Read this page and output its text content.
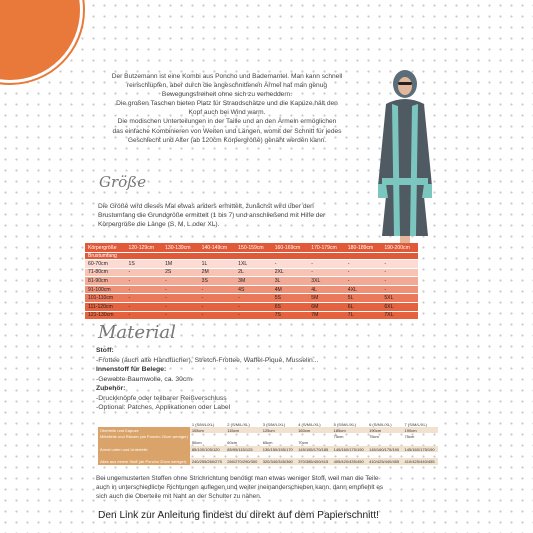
Der Butzemann ist eine Kombi aus Poncho und Bademantel. Man kann schnell

reinschlüpfen, aber durch die angeschnittenen Ärmel hat man genug

Bewegungsfreiheit ohne sich zu verheddern.

Die großen Taschen bieten Platz für Strandschätze und die Kapüze hält den

Kopf auch bei Wind warm.

Die modischen Unterteilungen in der Taille und an den Ärmeln ermöglichen

das einfache Kombinieren von Weiten und Längen, womit der Schnitt für jedes

Geschlecht und Alter (ab 120cm Körpergröße) genäht werden kann.

Größe
Die Größe wird dieses Mal etwas anders ermittelt, zunächst wird über den
Brustumfang die Grundgröße ermittelt (1 bis 7) und anschließend mit Hilfe der
Körpergröße die Länge (S, M, L oder XL).
Körpergröße	120-129cm	130-139cm	140-149cm	150-159cm	160-169cm	170-179cm	180-189cm	190-200cm
Brustumfang								
60-70cm	1S	1M	1L	1XL	-	-	-	-
71-80cm	-	2S	2M	2L	2XL	-	-	-
81-90cm	-	-	3S	3M	3L	3XL	-	-
91-100cm	-	-	-	4S	4M	4L	4XL	-
101-110cm	-	-	-	-	5S	5M	5L	5XL
111-120cm	-	-	-	-	6S	6M	6L	6XL
121-130cm	-	-	-	-	7S	7M	7L	7XL
Material
Stoff:
-Frottee (auch alte Handtücher), Stretch-Frottee, Waffel-Pique, Musselin...
Innenstoff für Belege:
-Gewebte Baumwolle, ca. 30cm
Zubehör:
-Druckknöpfe oder teilbarer Reißverschluss
-Optional: Patches, Applikationen oder Label
	1 (S/M/L/XL)	2 (S/M/L/XL)	3 (S/M/L/XL)	4 (S/M/L/XL)	5 (S/M/L/XL)	6 (S/M/L/XL)	7 (S/M/L/XL)
Oberteile und Kapuze	105cm	115cm	125cm	160cm	185cm	190cm	190cm
Mittelteile und Ränder (ab Poncho 20cm weniger)					75cm	75cm	75cm
	50cm	60cm	65cm	70cm			
Ärmel unten und Unterteile	85/100/105/120	85/95/115/125	130/150/155/170	145/155/170/185	145/160/175/190	145/160/175/190	145/160/175/190

Alles aus einem Stoff (ab Poncho 20cm weniger)	240/255/260/275	260/270/290/300	320/340/345/360	370/385/400/415	405/420/435/450	410/425/440/455	410/425/440/455
Bei ungemusterten Stoffen ohne Strichrichtung benötigt man etwas weniger Stoff, weil man die Teile
auch in unterschiedliche Richtungen auflegen und weiter ineinanderschieben kann, dann empfiehlt es
sich auch die Oberteile mit Naht an der Schulter zu nähen.
Den Link zur Anleitung findest du direkt auf dem Papierschnitt!
